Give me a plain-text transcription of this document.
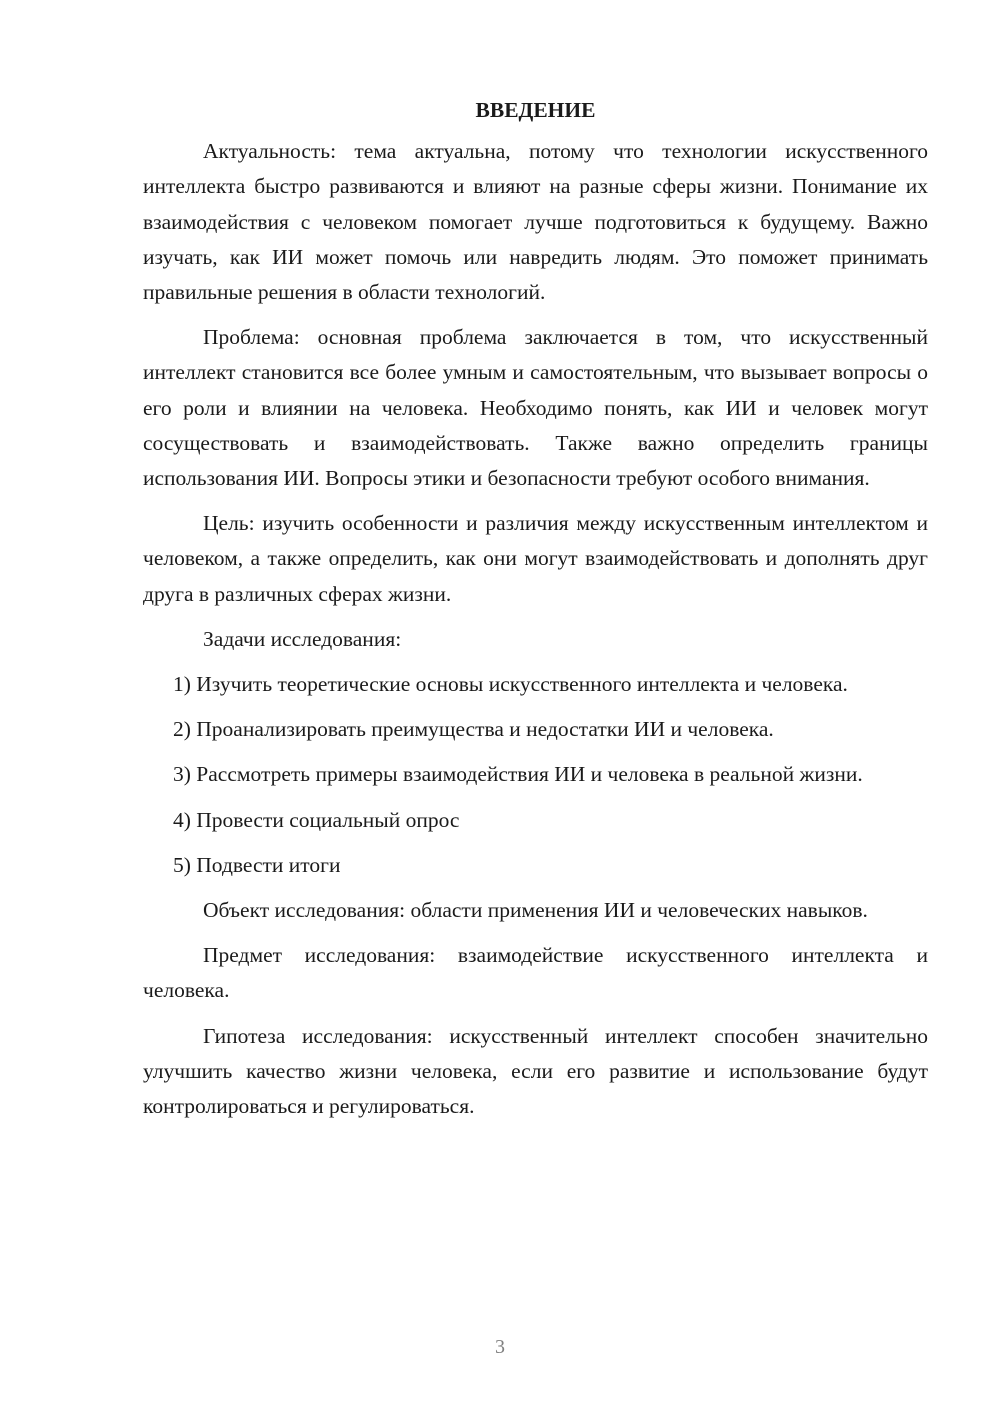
ВВЕДЕНИЕ

Актуальность: тема актуальна, потому что технологии искусственного интеллекта быстро развиваются и влияют на разные сферы жизни. Понимание их взаимодействия с человеком помогает лучше подготовиться к будущему. Важно изучать, как ИИ может помочь или навредить людям. Это поможет принимать правильные решения в области технологий.

Проблема: основная проблема заключается в том, что искусственный интеллект становится все более умным и самостоятельным, что вызывает вопросы о его роли и влиянии на человека. Необходимо понять, как ИИ и человек могут сосуществовать и взаимодействовать. Также важно определить границы использования ИИ. Вопросы этики и безопасности требуют особого внимания.

Цель: изучить особенности и различия между искусственным интеллектом и человеком, а также определить, как они могут взаимодействовать и дополнять друг друга в различных сферах жизни.

Задачи исследования:

1) Изучить теоретические основы искусственного интеллекта и человека.

2) Проанализировать преимущества и недостатки ИИ и человека.

3) Рассмотреть примеры взаимодействия ИИ и человека в реальной жизни.

4) Провести социальный опрос

5) Подвести итоги

Объект исследования: области применения ИИ и человеческих навыков.

Предмет исследования: взаимодействие искусственного интеллекта и человека.

Гипотеза исследования: искусственный интеллект способен значительно улучшить качество жизни человека, если его развитие и использование будут контролироваться и регулироваться.

3
